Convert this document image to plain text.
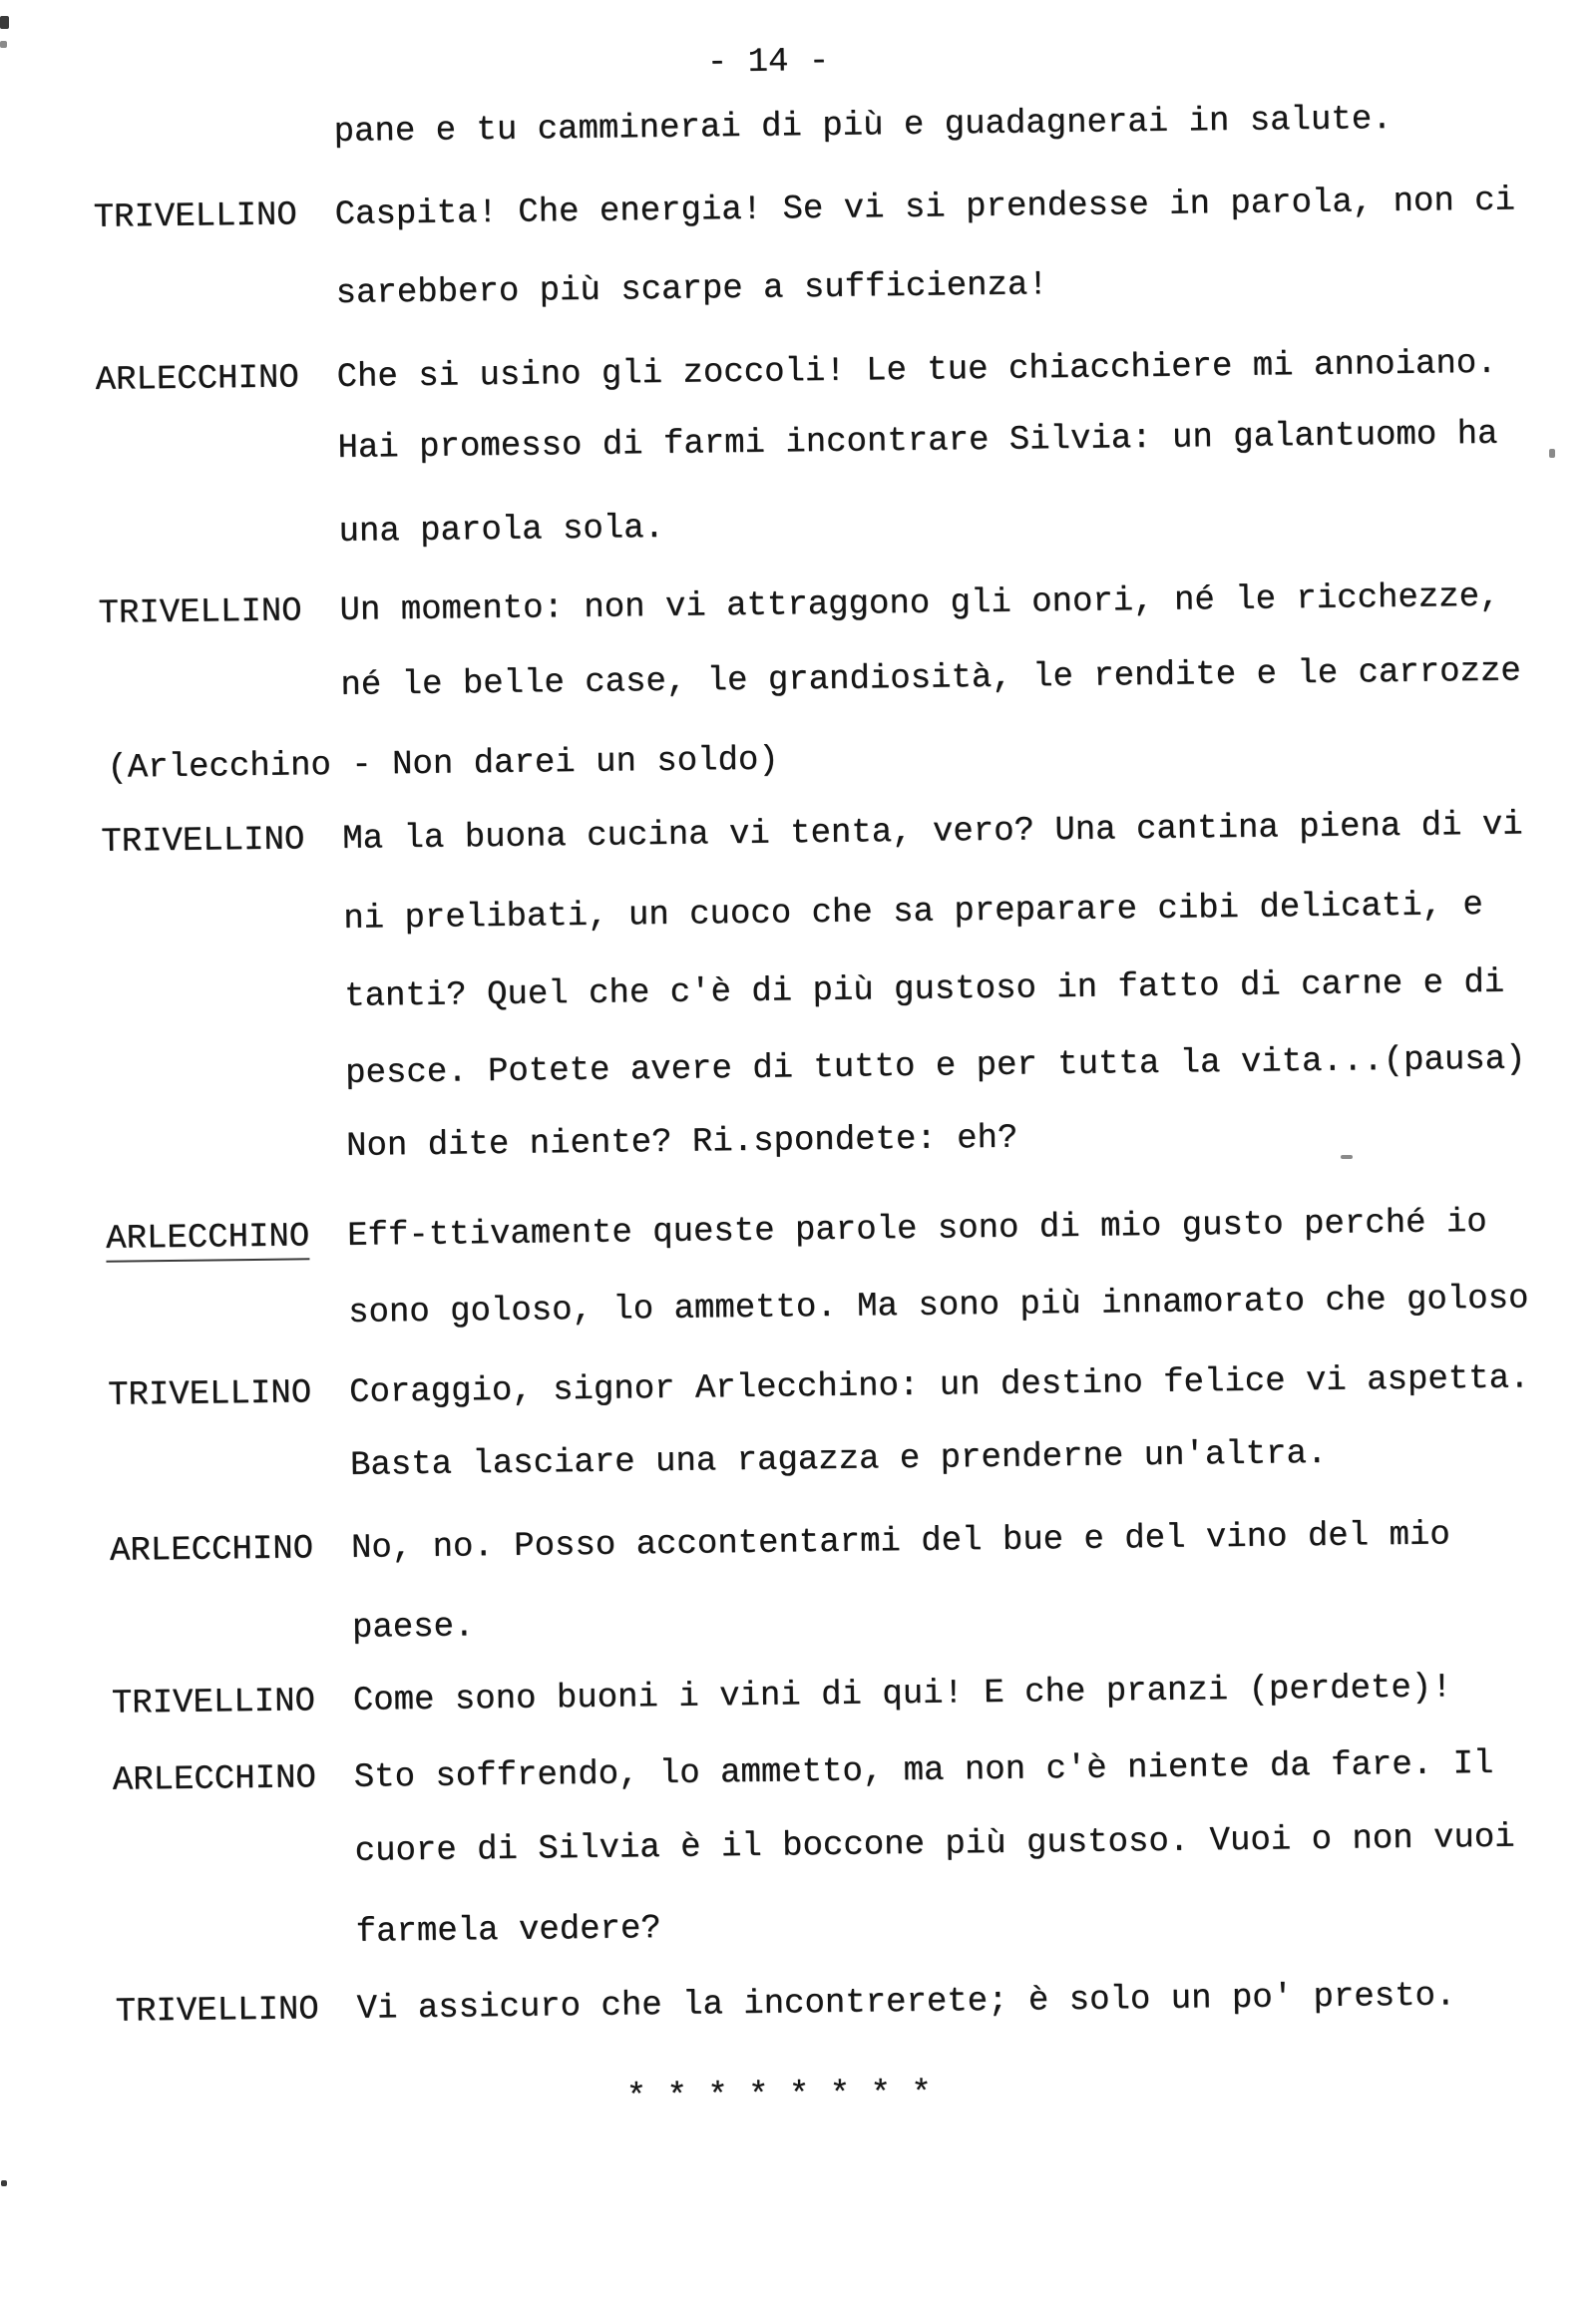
- 14 -
pane e tu camminerai di più e guadagnerai in salute.
TRIVELLINO Caspita! Che energia! Se vi si prendesse in parola, non ci
sarebbero più scarpe a sufficienza!
ARLECCHINO Che si usino gli zoccoli! Le tue chiacchiere mi annoiano.
Hai promesso di farmi incontrare Silvia: un galantuomo ha
una parola sola.
TRIVELLINO Un momento: non vi attraggono gli onori, né le ricchezze,
né le belle case, le grandiosità, le rendite e le carrozze
(Arlecchino - Non darei un soldo)
TRIVELLINO Ma la buona cucina vi tenta, vero? Una cantina piena di vi
ni prelibati, un cuoco che sa preparare cibi delicati, e
tanti? Quel che c'è di più gustoso in fatto di carne e di
pesce. Potete avere di tutto e per tutta la vita...(pausa)
Non dite niente? Ri.spondete: eh?
ARLECCHINO Eff-ttivamente queste parole sono di mio gusto perché io
sono goloso, lo ammetto. Ma sono più innamorato che goloso
TRIVELLINO Coraggio, signor Arlecchino: un destino felice vi aspetta.
Basta lasciare una ragazza e prenderne un'altra.
ARLECCHINO No, no. Posso accontentarmi del bue e del vino del mio
paese.
TRIVELLINO Come sono buoni i vini di qui! E che pranzi (perdete)!
ARLECCHINO Sto soffrendo, lo ammetto, ma non c'è niente da fare. Il
cuore di Silvia è il boccone più gustoso. Vuoi o non vuoi
farmela vedere?
TRIVELLINO Vi assicuro che la incontrerete; è solo un po' presto.
* * * * * * * *
